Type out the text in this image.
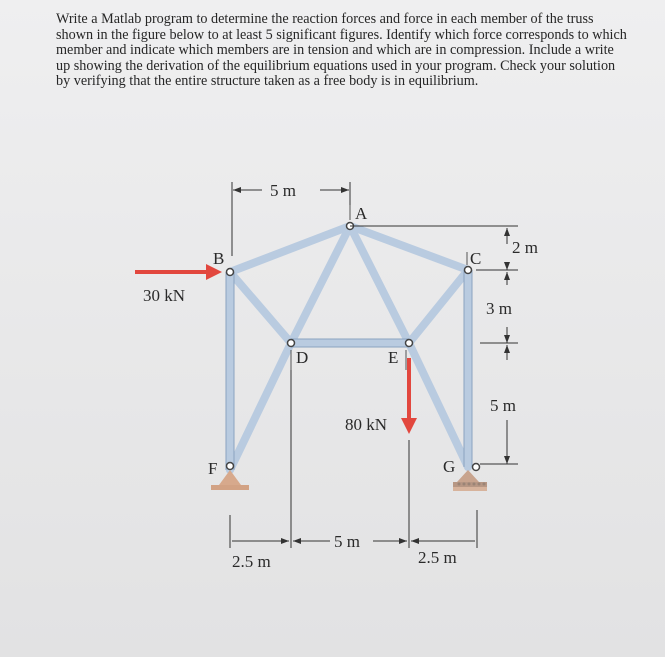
Write a Matlab program to determine the reaction forces and force in each member of the truss shown in the figure below to at least 5 significant figures. Identify which force corresponds to which member and indicate which members are in tension and which are in compression. Include a write up showing the derivation of the equilibrium equations used in your program. Check your solution by verifying that the entire structure taken as a free body is in equilibrium.

A
B	C
D	E
F	G
30 kN
80 kN
5 m
2 m
3 m
5 m
2.5 m
5 m
2.5 m
